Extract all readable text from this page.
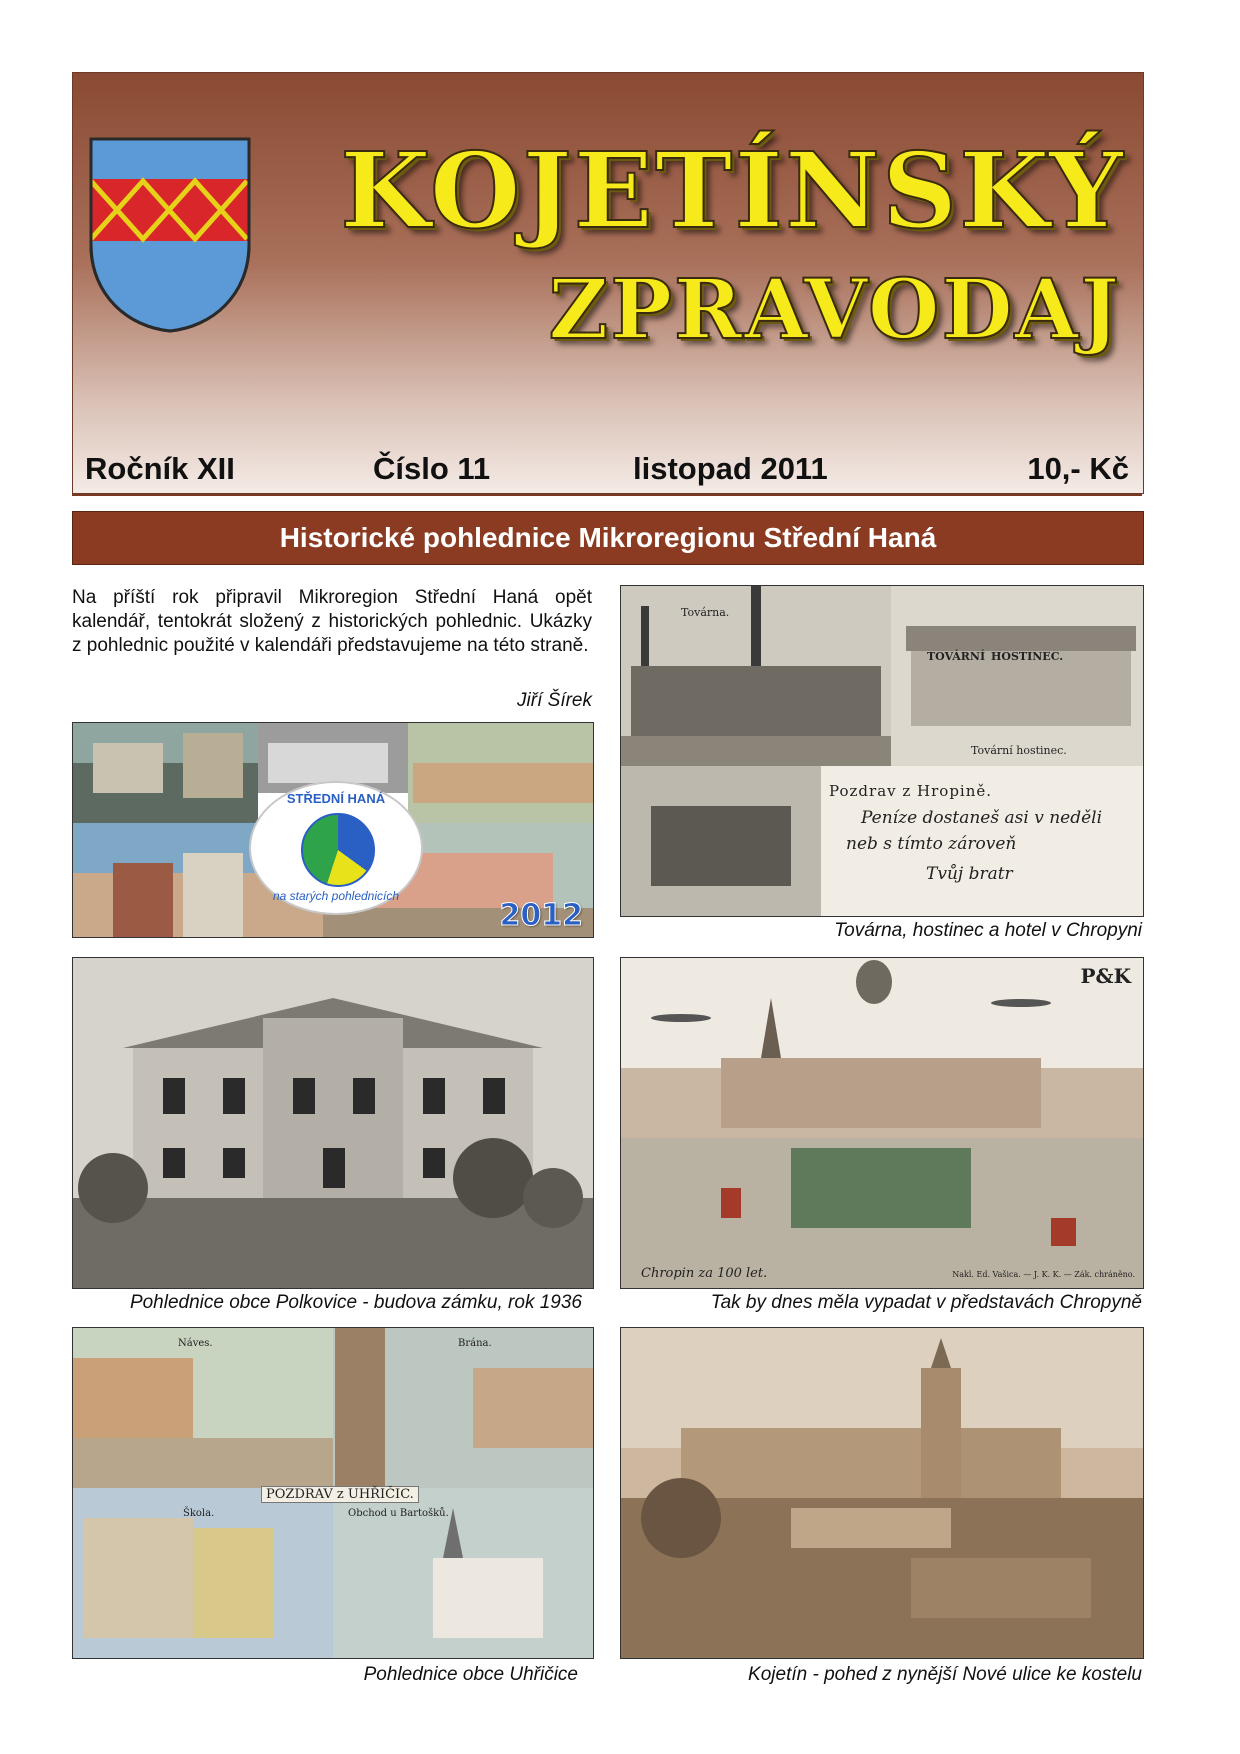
KOJETÍNSKÝ
ZPRAVODAJ
Ročník XII	Číslo 11	listopad 2011	10,- Kč
Historické pohlednice Mikroregionu Střední Haná
Na příští rok připravil Mikroregion Střední Haná opět kalendář, tentokrát složený z historických pohlednic. Ukázky z pohlednic použité v kalendáři představujeme na této straně.
Jiří Šírek
STŘEDNÍ HANÁ
na starých pohlednicích
2012
Továrna.
TOVÁRNÍ HOSTINEC.
Tovární hostinec.
Pozdrav z Hropině.
Peníze dostaneš asi v neděli
neb s tímto zároveň
Tvůj bratr
Továrna, hostinec a hotel v Chropyni
Pohlednice obce Polkovice - budova zámku, rok 1936
P&K
Chropin za 100 let.	Nakl. Ed. Vašica. — J. K. K. — Zák. chráněno.
Tak by dnes měla vypadat v představách Chropyně
Náves.	Brána.
POZDRAV z UHŘIČIC.
Škola.	Obchod u Bartošků.
Pohlednice obce Uhřičice	Kojetín - pohed z nynější Nové ulice ke kostelu
